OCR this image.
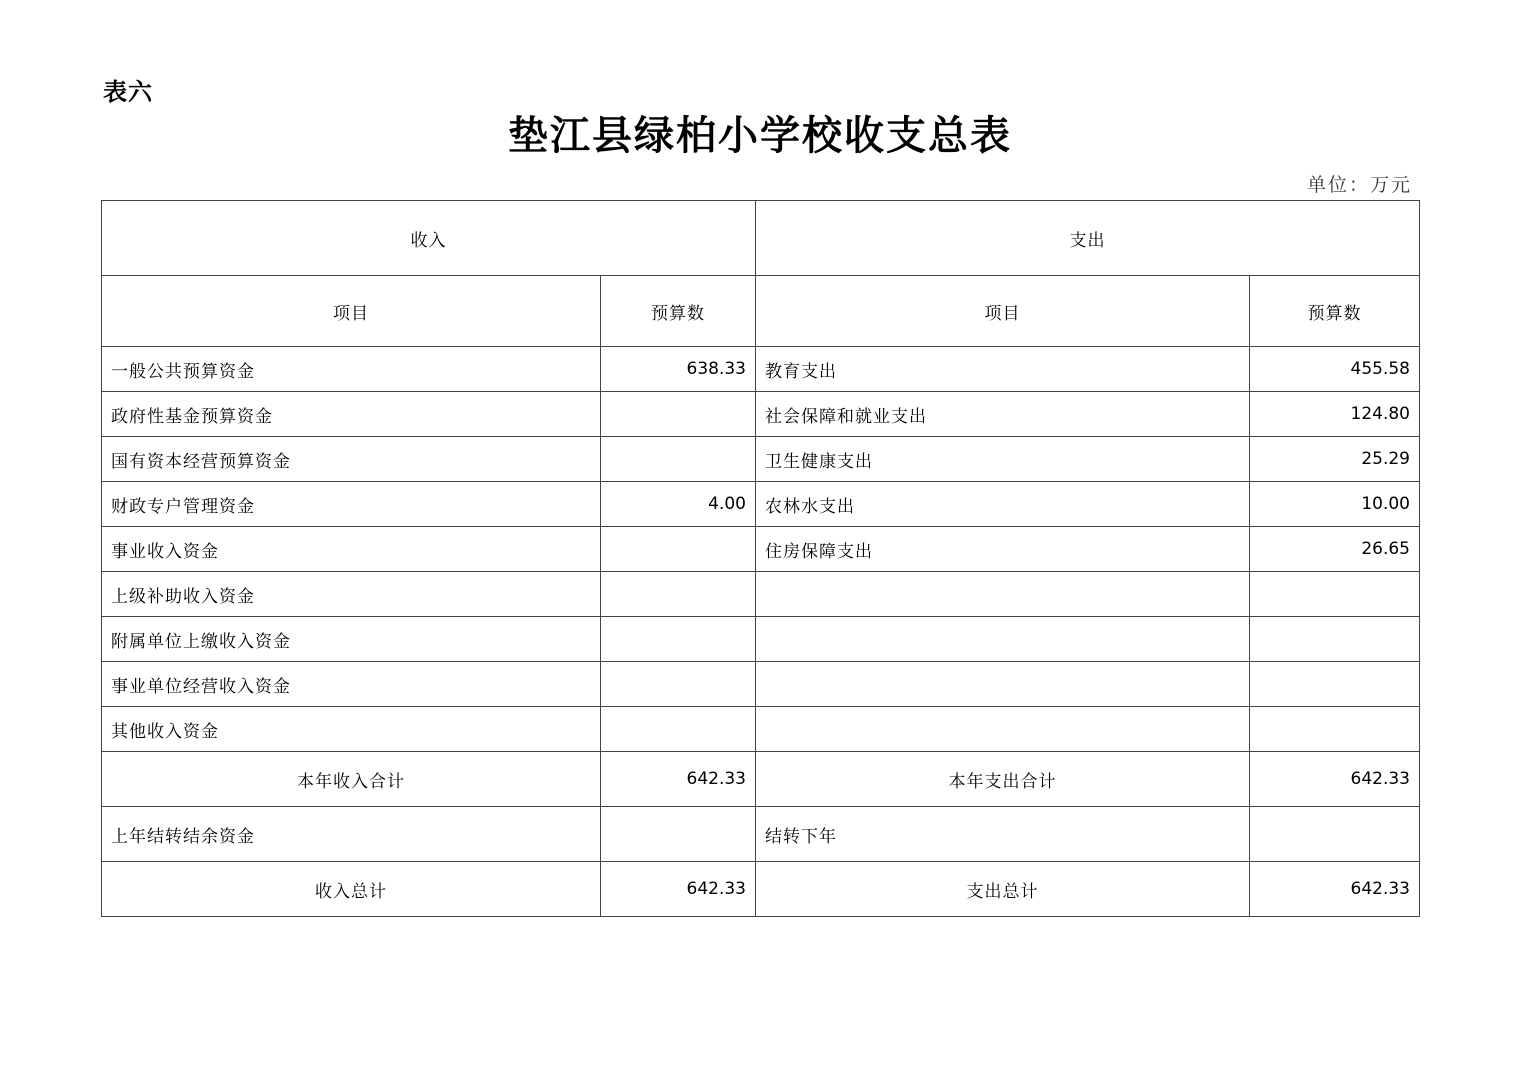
表六
垫江县绿柏小学校收支总表
单位：万元
收入		支出	
项目	预算数	项目	预算数
一般公共预算资金	638.33	教育支出	455.58
政府性基金预算资金		社会保障和就业支出	124.80
国有资本经营预算资金		卫生健康支出	25.29
财政专户管理资金	4.00	农林水支出	10.00
事业收入资金		住房保障支出	26.65
上级补助收入资金			
附属单位上缴收入资金			
事业单位经营收入资金			
其他收入资金			
本年收入合计	642.33	本年支出合计	642.33
上年结转结余资金		结转下年	
收入总计	642.33	支出总计	642.33
